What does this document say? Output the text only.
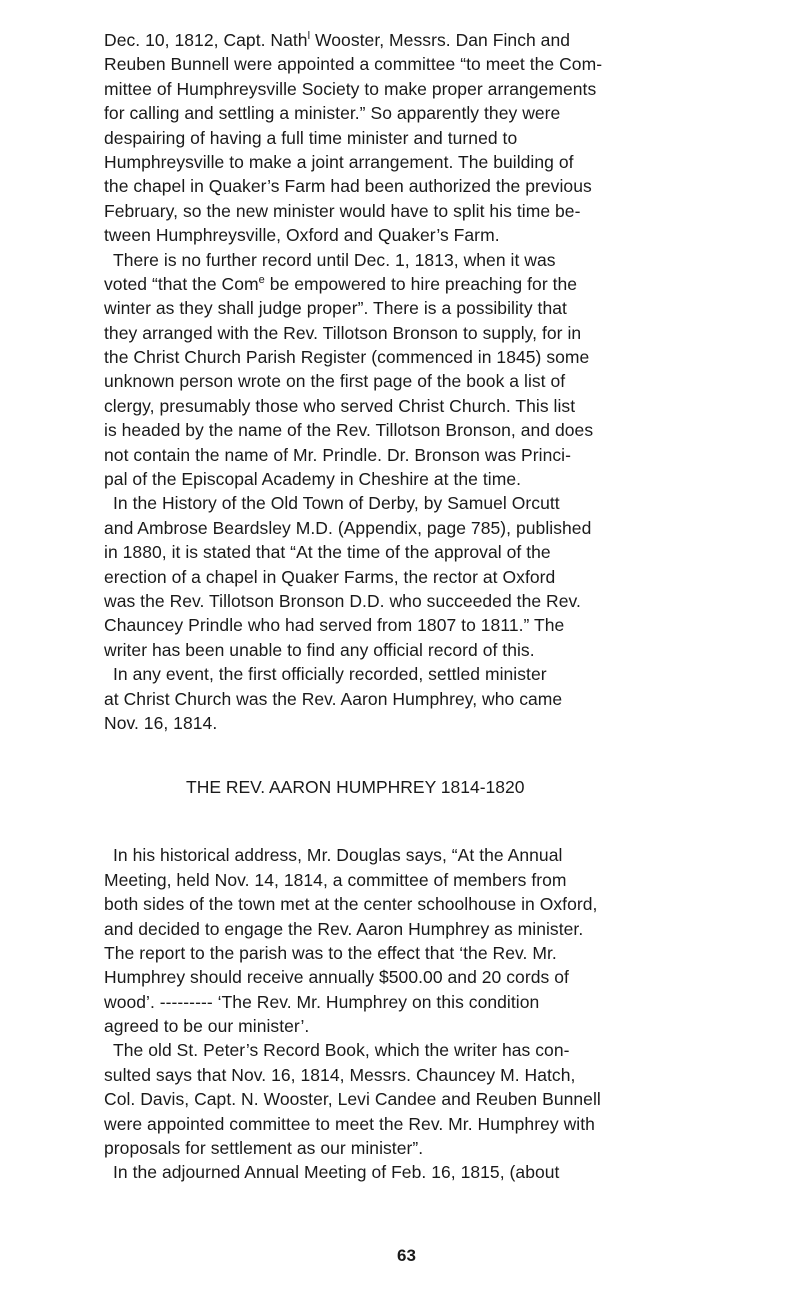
Dec. 10, 1812, Capt. Nath$^l$ Wooster, Messrs. Dan Finch and
Reuben Bunnell were appointed a committee “to meet the Com-
mittee of Humphreysville Society to make proper arrangements
for calling and settling a minister.” So apparently they were
despairing of having a full time minister and turned to
Humphreysville to make a joint arrangement. The building of
the chapel in Quaker’s Farm had been authorized the previous
February, so the new minister would have to split his time be-
tween Humphreysville, Oxford and Quaker’s Farm.
There is no further record until Dec. 1, 1813, when it was
voted “that the Com$^e$ be empowered to hire preaching for the
winter as they shall judge proper”. There is a possibility that
they arranged with the Rev. Tillotson Bronson to supply, for in
the Christ Church Parish Register (commenced in 1845) some
unknown person wrote on the first page of the book a list of
clergy, presumably those who served Christ Church. This list
is headed by the name of the Rev. Tillotson Bronson, and does
not contain the name of Mr. Prindle. Dr. Bronson was Princi-
pal of the Episcopal Academy in Cheshire at the time.
In the History of the Old Town of Derby, by Samuel Orcutt
and Ambrose Beardsley M.D. (Appendix, page 785), published
in 1880, it is stated that “At the time of the approval of the
erection of a chapel in Quaker Farms, the rector at Oxford
was the Rev. Tillotson Bronson D.D. who succeeded the Rev.
Chauncey Prindle who had served from 1807 to 1811.” The
writer has been unable to find any official record of this.
In any event, the first officially recorded, settled minister
at Christ Church was the Rev. Aaron Humphrey, who came
Nov. 16, 1814.
THE REV. AARON HUMPHREY 1814-1820
In his historical address, Mr. Douglas says, “At the Annual
Meeting, held Nov. 14, 1814, a committee of members from
both sides of the town met at the center schoolhouse in Oxford,
and decided to engage the Rev. Aaron Humphrey as minister.
The report to the parish was to the effect that ‘the Rev. Mr.
Humphrey should receive annually $500.00 and 20 cords of
wood’. --------- ‘The Rev. Mr. Humphrey on this condition
agreed to be our minister’.
The old St. Peter’s Record Book, which the writer has con-
sulted says that Nov. 16, 1814, Messrs. Chauncey M. Hatch,
Col. Davis, Capt. N. Wooster, Levi Candee and Reuben Bunnell
were appointed committee to meet the Rev. Mr. Humphrey with
proposals for settlement as our minister”.
In the adjourned Annual Meeting of Feb. 16, 1815, (about
63
